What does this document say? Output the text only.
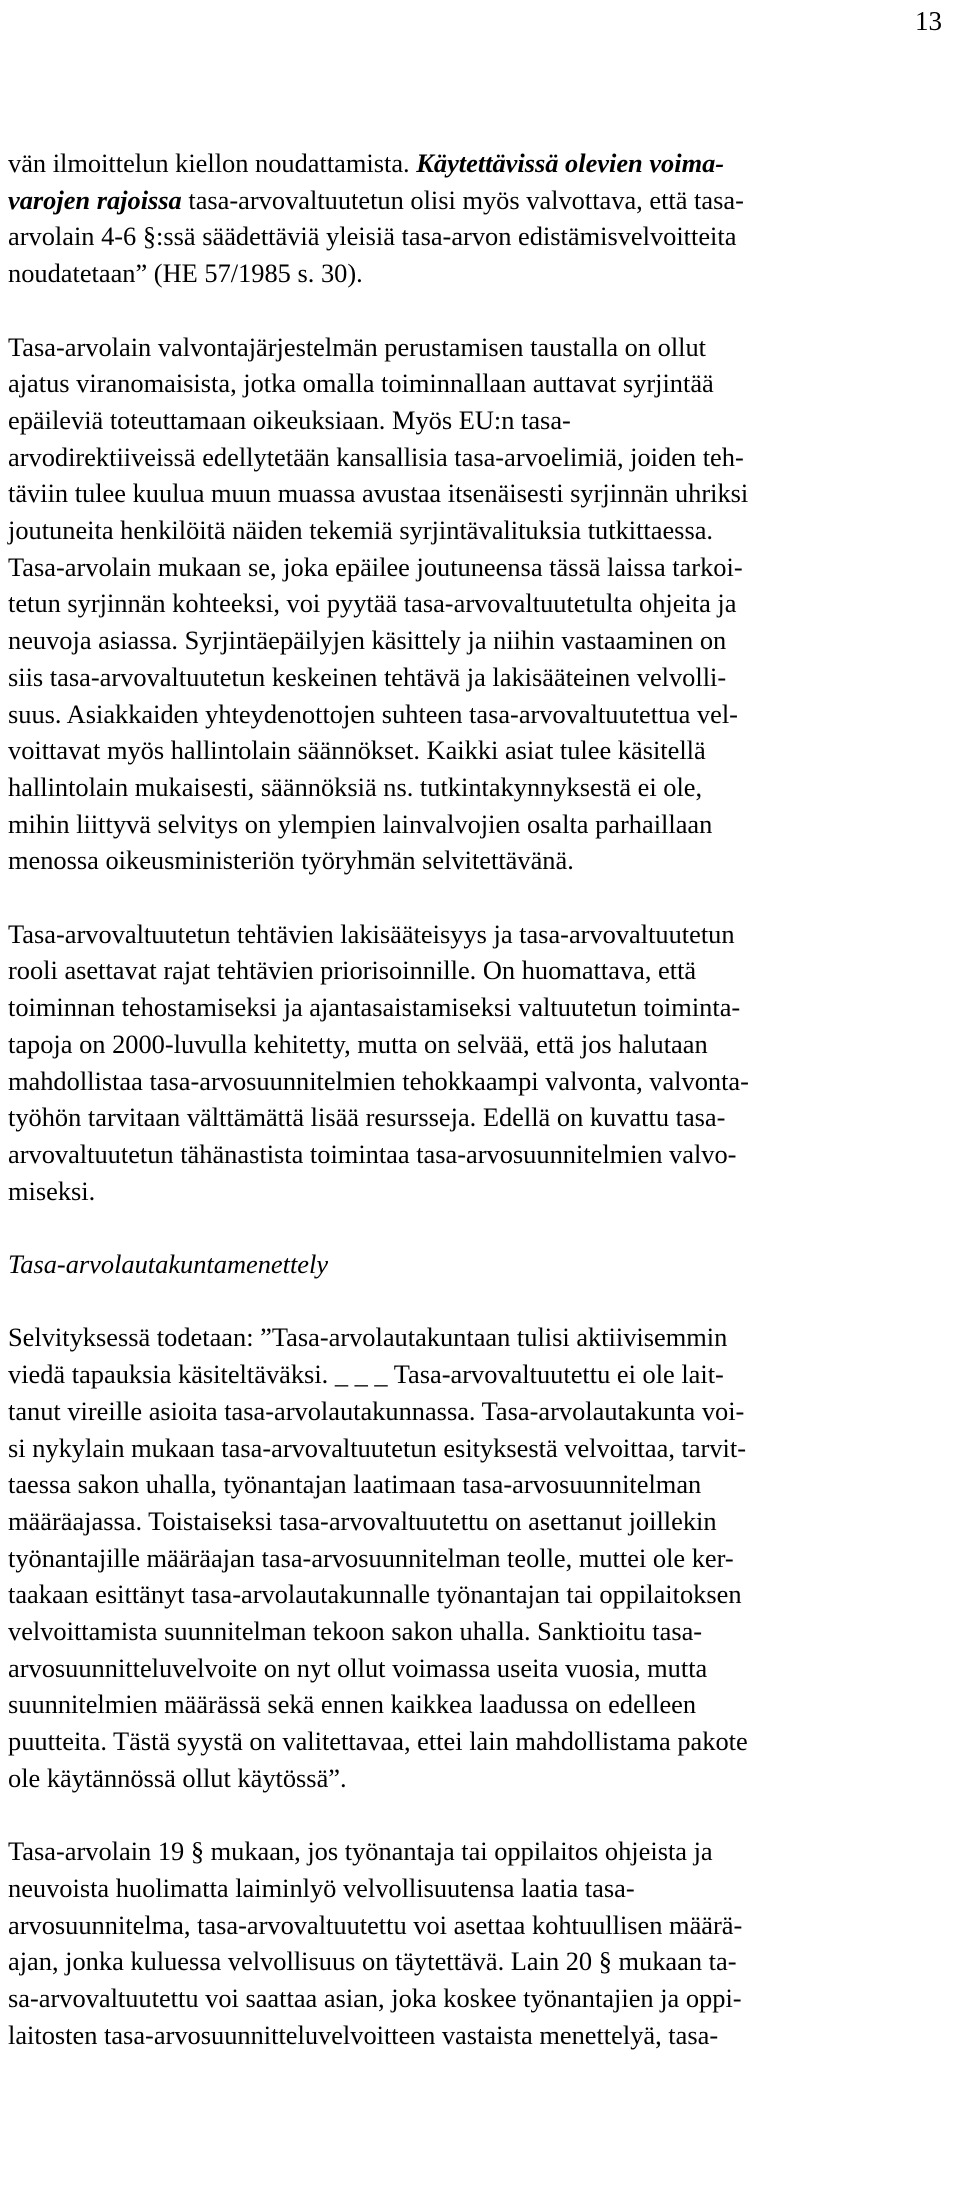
13

vän ilmoittelun kiellon noudattamista. Käytettävissä olevien voima-
varojen rajoissa tasa-arvovaltuutetun olisi myös valvottava, että tasa-
arvolain 4-6 §:ssä säädettäviä yleisiä tasa-arvon edistämisvelvoitteita
noudatetaan” (HE 57/1985 s. 30).

Tasa-arvolain valvontajärjestelmän perustamisen taustalla on ollut
ajatus viranomaisista, jotka omalla toiminnallaan auttavat syrjintää
epäileviä toteuttamaan oikeuksiaan. Myös EU:n tasa-
arvodirektiiveissä edellytetään kansallisia tasa-arvoelimiä, joiden teh-
täviin tulee kuulua muun muassa avustaa itsenäisesti syrjinnän uhriksi
joutuneita henkilöitä näiden tekemiä syrjintävalituksia tutkittaessa.
Tasa-arvolain mukaan se, joka epäilee joutuneensa tässä laissa tarkoi-
tetun syrjinnän kohteeksi, voi pyytää tasa-arvovaltuutetulta ohjeita ja
neuvoja asiassa. Syrjintäepäilyjen käsittely ja niihin vastaaminen on
siis tasa-arvovaltuutetun keskeinen tehtävä ja lakisääteinen velvolli-
suus. Asiakkaiden yhteydenottojen suhteen tasa-arvovaltuutettua vel-
voittavat myös hallintolain säännökset. Kaikki asiat tulee käsitellä
hallintolain mukaisesti, säännöksiä ns. tutkintakynnyksestä ei ole,
mihin liittyvä selvitys on ylempien lainvalvojien osalta parhaillaan
menossa oikeusministeriön työryhmän selvitettävänä.

Tasa-arvovaltuutetun tehtävien lakisääteisyys ja tasa-arvovaltuutetun
rooli asettavat rajat tehtävien priorisoinnille. On huomattava, että
toiminnan tehostamiseksi ja ajantasaistamiseksi valtuutetun toiminta-
tapoja on 2000-luvulla kehitetty, mutta on selvää, että jos halutaan
mahdollistaa tasa-arvosuunnitelmien tehokkaampi valvonta, valvonta-
työhön tarvitaan välttämättä lisää resursseja. Edellä on kuvattu tasa-
arvovaltuutetun tähänastista toimintaa tasa-arvosuunnitelmien valvo-
miseksi.

Tasa-arvolautakuntamenettely

Selvityksessä todetaan: ”Tasa-arvolautakuntaan tulisi aktiivisemmin
viedä tapauksia käsiteltäväksi. _ _ _ Tasa-arvovaltuutettu ei ole lait-
tanut vireille asioita tasa-arvolautakunnassa. Tasa-arvolautakunta voi-
si nykylain mukaan tasa-arvovaltuutetun esityksestä velvoittaa, tarvit-
taessa sakon uhalla, työnantajan laatimaan tasa-arvosuunnitelman
määräajassa. Toistaiseksi tasa-arvovaltuutettu on asettanut joillekin
työnantajille määräajan tasa-arvosuunnitelman teolle, muttei ole ker-
taakaan esittänyt tasa-arvolautakunnalle työnantajan tai oppilaitoksen
velvoittamista suunnitelman tekoon sakon uhalla. Sanktioitu tasa-
arvosuunnitteluvelvoite on nyt ollut voimassa useita vuosia, mutta
suunnitelmien määrässä sekä ennen kaikkea laadussa on edelleen
puutteita. Tästä syystä on valitettavaa, ettei lain mahdollistama pakote
ole käytännössä ollut käytössä”.

Tasa-arvolain 19 § mukaan, jos työnantaja tai oppilaitos ohjeista ja
neuvoista huolimatta laiminlyö velvollisuutensa laatia tasa-
arvosuunnitelma, tasa-arvovaltuutettu voi asettaa kohtuullisen määrä-
ajan, jonka kuluessa velvollisuus on täytettävä. Lain 20 § mukaan ta-
sa-arvovaltuutettu voi saattaa asian, joka koskee työnantajien ja oppi-
laitosten tasa-arvosuunnitteluvelvoitteen vastaista menettelyä, tasa-
